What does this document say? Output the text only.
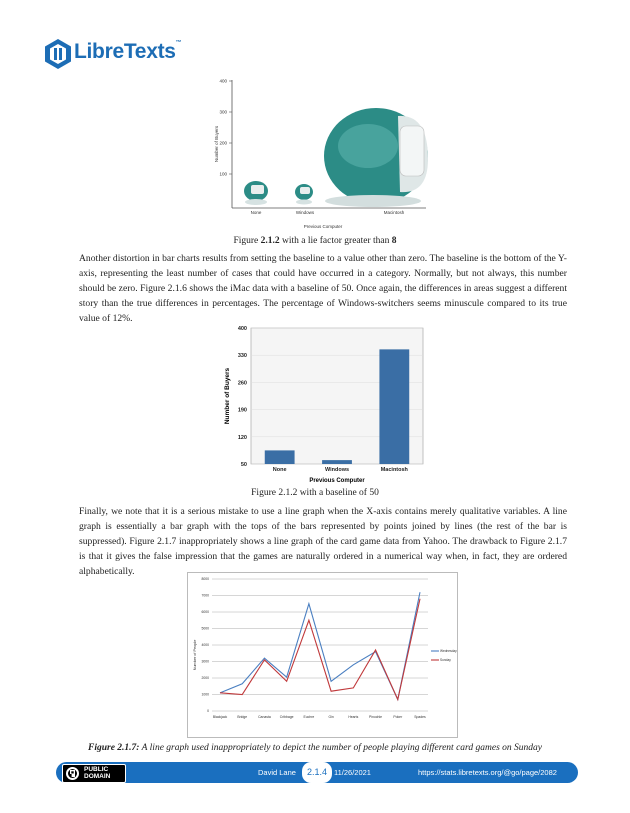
LibreTexts™
400
300
200
100
None	Windows	Macintosh
Previous Computer
Number of Buyers
Figure 2.1.2 with a lie factor greater than 8
Another distortion in bar charts results from setting the baseline to a value other than zero. The baseline is the bottom of the Y-axis, representing the least number of cases that could have occurred in a category. Normally, but not always, this number should be zero. Figure 2.1.6 shows the iMac data with a baseline of 50. Once again, the differences in areas suggest a different story than the true differences in percentages. The percentage of Windows-switchers seems minuscule compared to its true value of 12%.
400
330
260
190
120
50
None	Windows	Macintosh
Previous Computer
Number of Buyers
Figure 2.1.2 with a baseline of 50
Finally, we note that it is a serious mistake to use a line graph when the X-axis contains merely qualitative variables. A line graph is essentially a bar graph with the tops of the bars represented by points joined by lines (the rest of the bar is suppressed). Figure 2.1.7 inappropriately shows a line graph of the card game data from Yahoo. The drawback to Figure 2.1.7 is that it gives the false impression that the games are naturally ordered in a numerical way when, in fact, they are ordered alphabetically.
0
1000
2000
3000
4000
5000
6000
7000
8000
Blackjack	Bridge	Canasta	Cribbage	Euchre	Gin	Hearts	Pinochle	Poker	Spades
Number of People	Wednesday
Sunday
Figure 2.1.7: A line graph used inappropriately to depict the number of people playing different card games on Sunday
PUBLIC
DOMAIN	David Lane	2.1.4 11/26/2021	https://stats.libretexts.org/@go/page/2082
